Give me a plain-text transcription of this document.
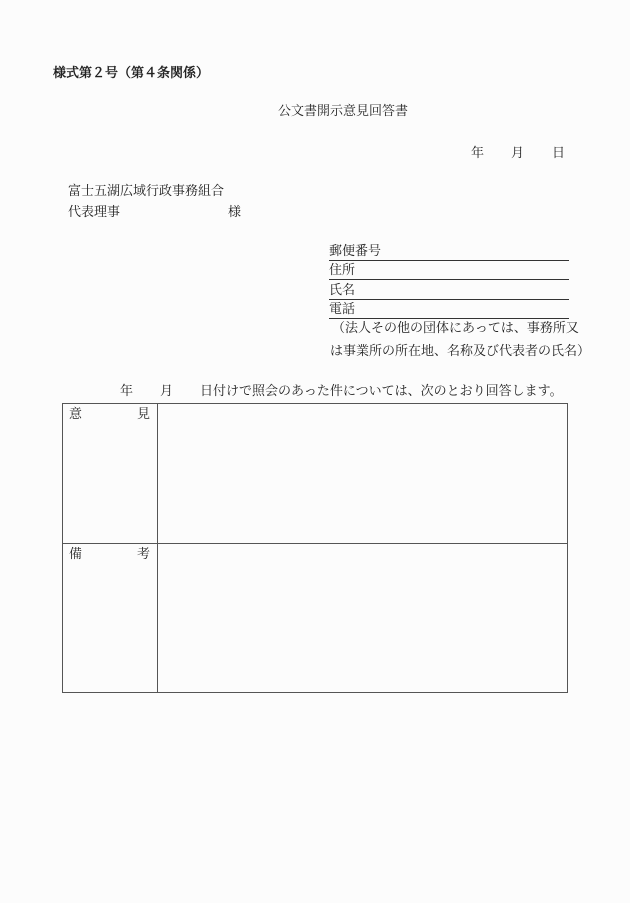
様式第２号（第４条関係）
公文書開示意見回答書
年 月 日
富士五湖広域行政事務組合
代表理事	様
郵便番号
住所
氏名
電話
（法人その他の団体にあっては、事務所又
は事業所の所在地、名称及び代表者の氏名）
年 月 日付けで照会のあった件については、次のとおり回答します。
意 見	

備 考	
